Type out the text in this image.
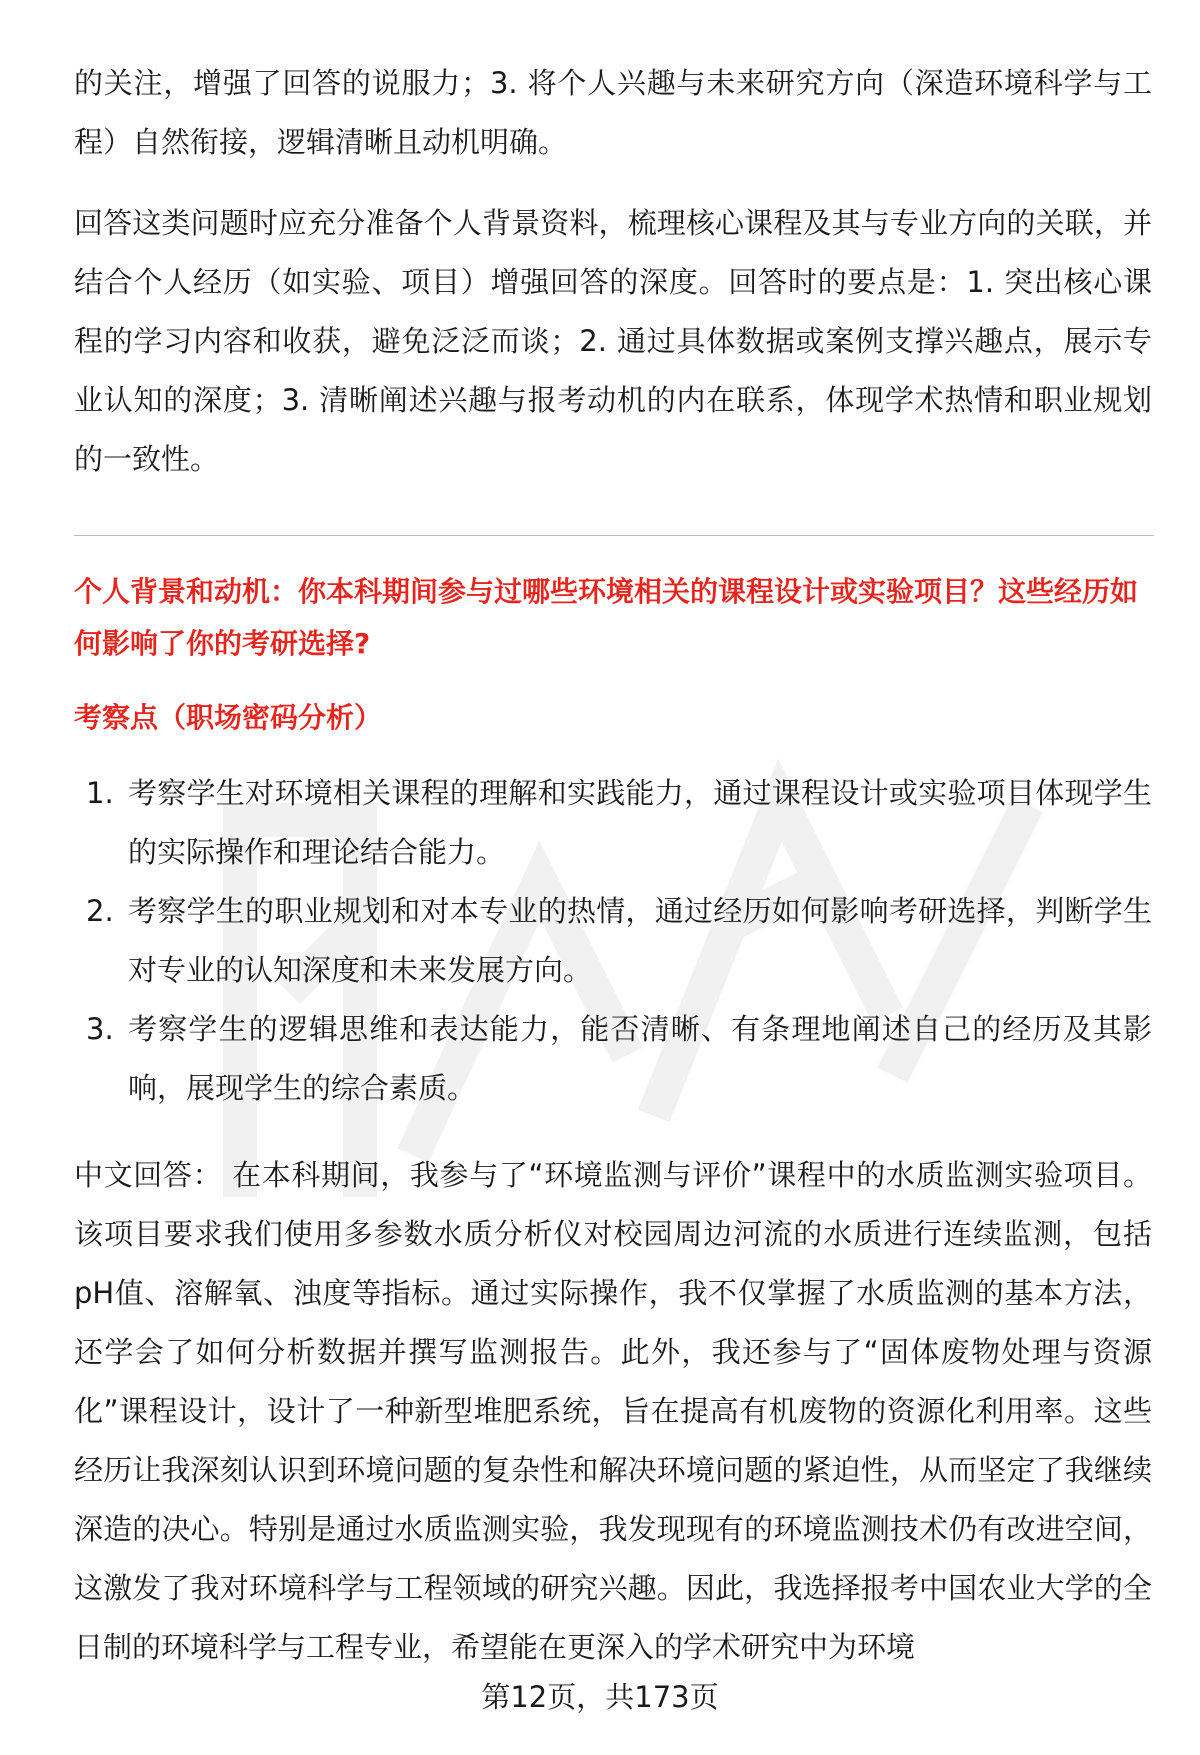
的关注，增强了回答的说服力；3. 将个人兴趣与未来研究方向（深造环境科学与工程）自然衔接，逻辑清晰且动机明确。

回答这类问题时应充分准备个人背景资料，梳理核心课程及其与专业方向的关联，并结合个人经历（如实验、项目）增强回答的深度。回答时的要点是：1. 突出核心课程的学习内容和收获，避免泛泛而谈；2. 通过具体数据或案例支撑兴趣点，展示专业认知的深度；3. 清晰阐述兴趣与报考动机的内在联系，体现学术热情和职业规划的一致性。

个人背景和动机：你本科期间参与过哪些环境相关的课程设计或实验项目？这些经历如何影响了你的考研选择?
考察点（职场密码分析）
1. 考察学生对环境相关课程的理解和实践能力，通过课程设计或实验项目体现学生的实际操作和理论结合能力。
2. 考察学生的职业规划和对本专业的热情，通过经历如何影响考研选择，判断学生对专业的认知深度和未来发展方向。
3. 考察学生的逻辑思维和表达能力，能否清晰、有条理地阐述自己的经历及其影响，展现学生的综合素质。

中文回答： 在本科期间，我参与了“环境监测与评价”课程中的水质监测实验项目。该项目要求我们使用多参数水质分析仪对校园周边河流的水质进行连续监测，包括pH值、溶解氧、浊度等指标。通过实际操作，我不仅掌握了水质监测的基本方法，还学会了如何分析数据并撰写监测报告。此外，我还参与了“固体废物处理与资源化”课程设计，设计了一种新型堆肥系统，旨在提高有机废物的资源化利用率。这些经历让我深刻认识到环境问题的复杂性和解决环境问题的紧迫性，从而坚定了我继续深造的决心。特别是通过水质监测实验，我发现现有的环境监测技术仍有改进空间，这激发了我对环境科学与工程领域的研究兴趣。因此，我选择报考中国农业大学的全日制的环境科学与工程专业，希望能在更深入的学术研究中为环境

第12页，共173页
